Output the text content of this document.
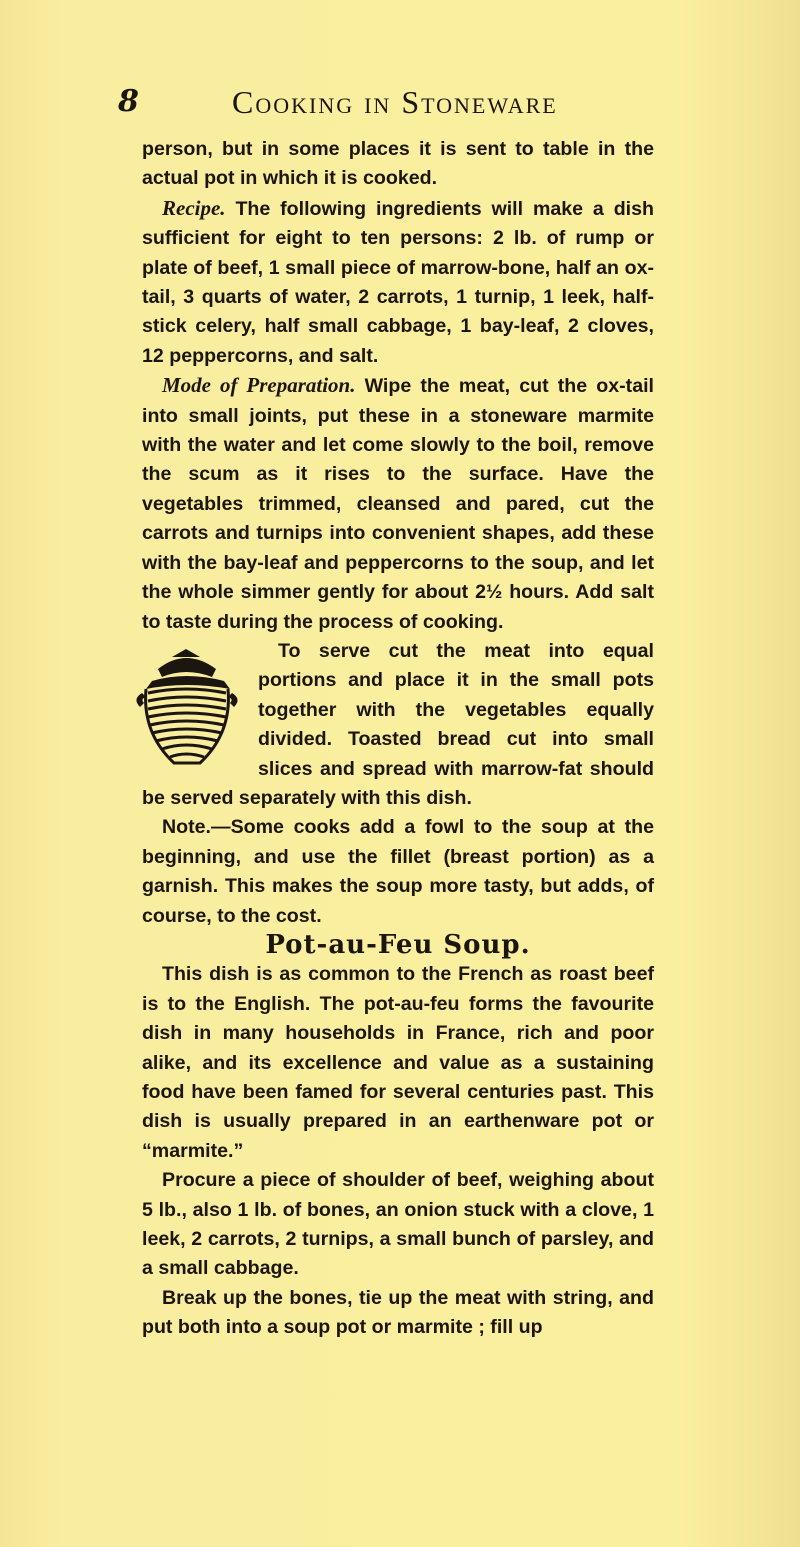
8	Cooking in Stoneware

person, but in some places it is sent to table in the actual pot in which it is cooked.

Recipe. The following ingredients will make a dish sufficient for eight to ten persons: 2 lb. of rump or plate of beef, 1 small piece of marrow-bone, half an ox-tail, 3 quarts of water, 2 carrots, 1 turnip, 1 leek, half-stick celery, half small cabbage, 1 bay-leaf, 2 cloves, 12 peppercorns, and salt.

Mode of Preparation. Wipe the meat, cut the ox-tail into small joints, put these in a stoneware marmite with the water and let come slowly to the boil, remove the scum as it rises to the surface. Have the vegetables trimmed, cleansed and pared, cut the carrots and turnips into convenient shapes, add these with the bay-leaf and peppercorns to the soup, and let the whole simmer gently for about 2½ hours. Add salt to taste during the process of cooking.

To serve cut the meat into equal portions and place it in the small pots together with the vegetables equally divided. Toasted bread cut into small slices and spread with marrow-fat should be served separately with this dish.

Note.—Some cooks add a fowl to the soup at the beginning, and use the fillet (breast portion) as a garnish. This makes the soup more tasty, but adds, of course, to the cost.

Pot-au-Feu Soup.

This dish is as common to the French as roast beef is to the English. The pot-au-feu forms the favourite dish in many households in France, rich and poor alike, and its excellence and value as a sustaining food have been famed for several centuries past. This dish is usually prepared in an earthenware pot or “marmite.”

Procure a piece of shoulder of beef, weighing about 5 lb., also 1 lb. of bones, an onion stuck with a clove, 1 leek, 2 carrots, 2 turnips, a small bunch of parsley, and a small cabbage.

Break up the bones, tie up the meat with string, and put both into a soup pot or marmite ; fill up
